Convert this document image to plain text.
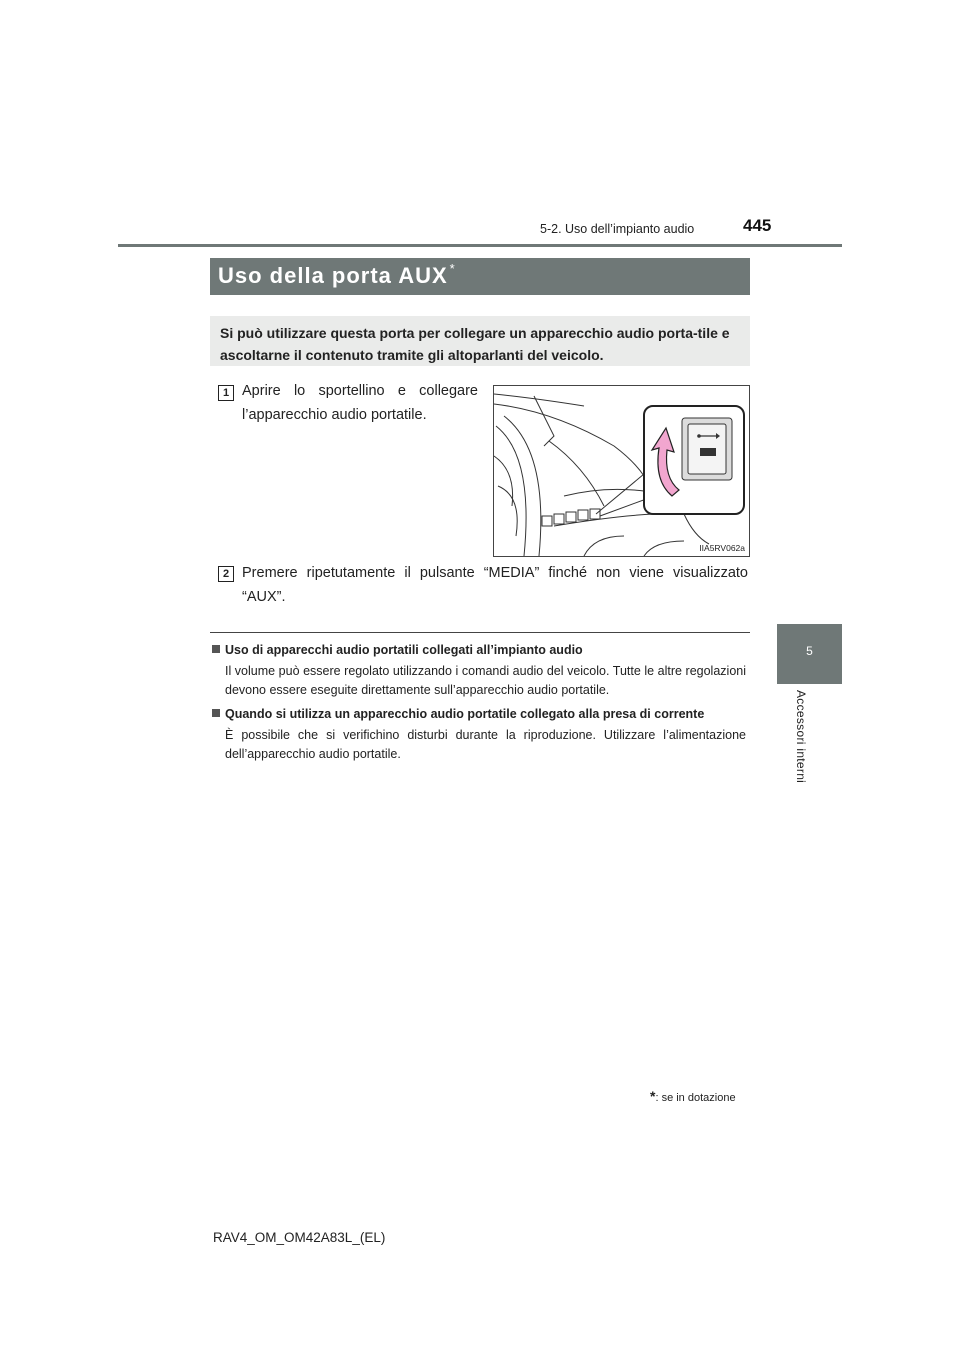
5-2. Uso dell’impianto audio	445
5
Accessori interni
Uso della porta AUX *
Si può utilizzare questa porta per collegare un apparecchio audio porta-tile e ascoltarne il contenuto tramite gli altoparlanti del veicolo.
1 Aprire lo sportellino e collegare l’apparecchio audio portatile.
IIA5RV062a
2 Premere ripetutamente il pulsante “MEDIA” finché non viene visualizzato “AUX”.
Uso di apparecchi audio portatili collegati all’impianto audio
Il volume può essere regolato utilizzando i comandi audio del veicolo. Tutte le altre regolazioni devono essere eseguite direttamente sull’apparecchio audio portatile.
Quando si utilizza un apparecchio audio portatile collegato alla presa di corrente
È possibile che si verifichino disturbi durante la riproduzione. Utilizzare l’alimentazione dell’apparecchio audio portatile.
*: se in dotazione
RAV4_OM_OM42A83L_(EL)
